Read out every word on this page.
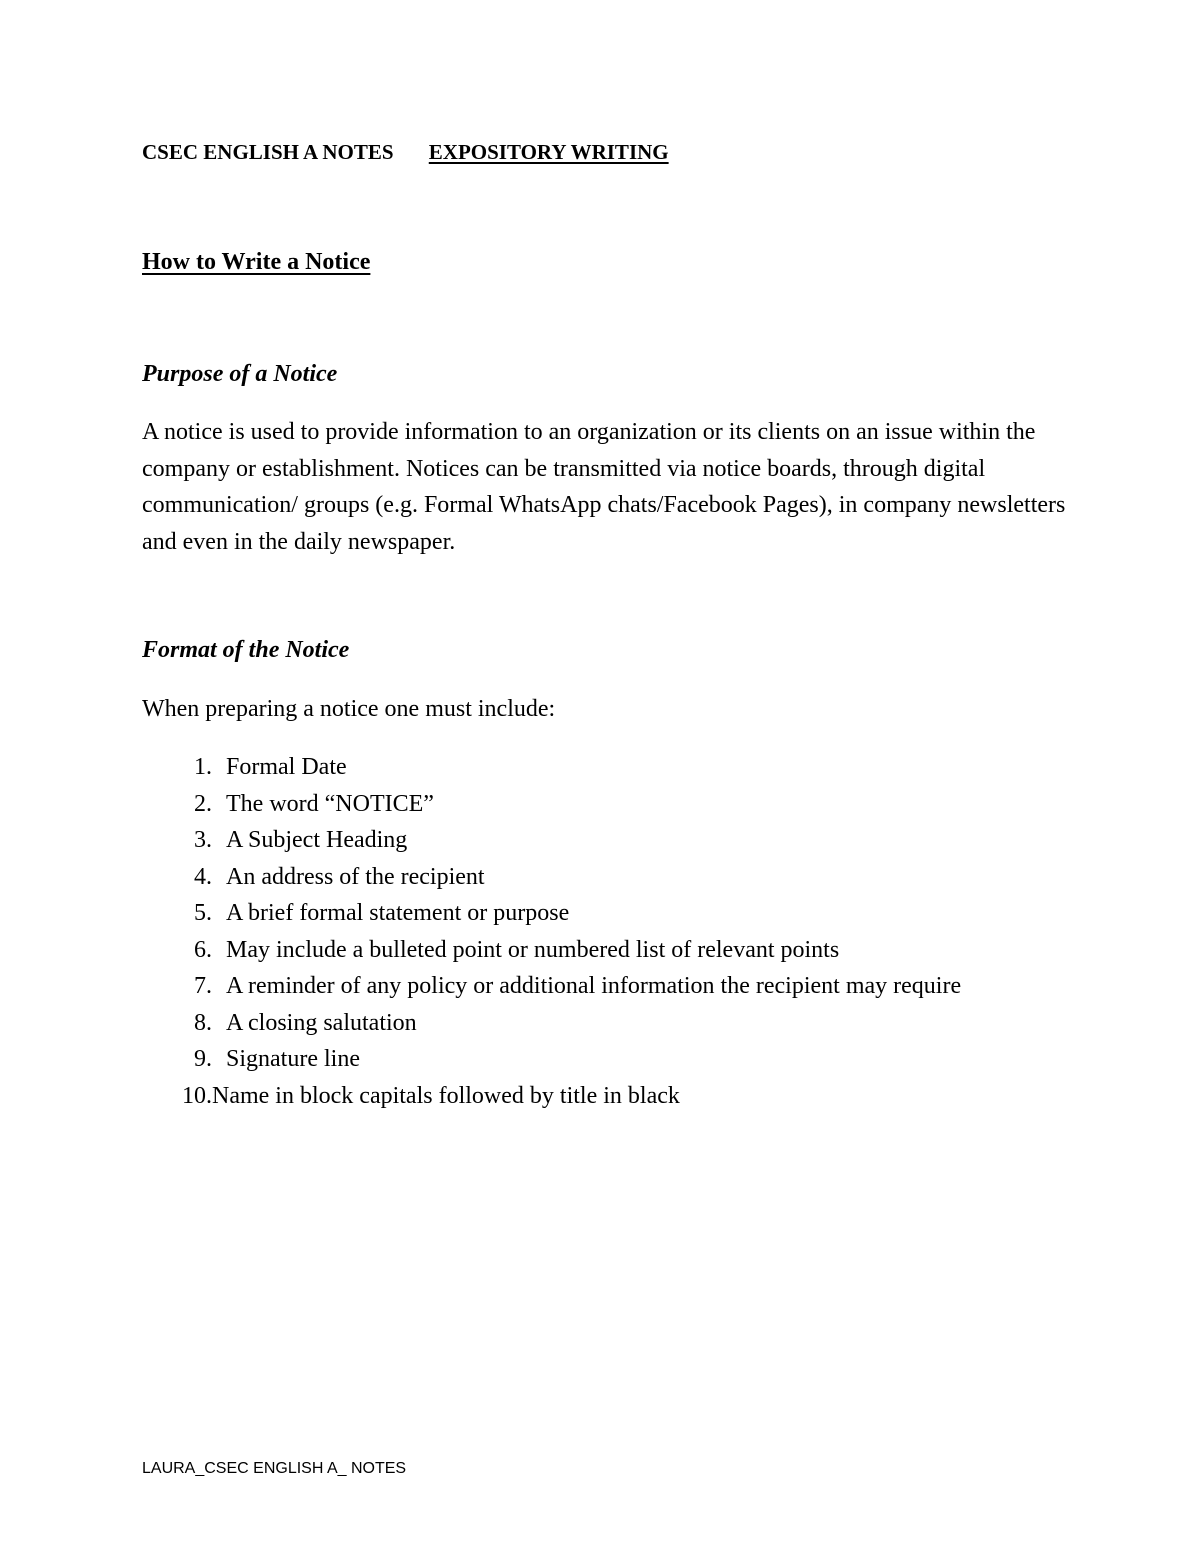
CSEC ENGLISH A NOTES EXPOSITORY WRITING
How to Write a Notice
Purpose of a Notice

A notice is used to provide information to an organization or its clients on an issue within the company or establishment. Notices can be transmitted via notice boards, through digital communication/ groups (e.g. Formal WhatsApp chats/Facebook Pages), in company newsletters and even in the daily newspaper.

Format of the Notice

When preparing a notice one must include:

1. Formal Date
2. The word “NOTICE”
3. A Subject Heading
4. An address of the recipient
5. A brief formal statement or purpose
6. May include a bulleted point or numbered list of relevant points
7. A reminder of any policy or additional information the recipient may require
8. A closing salutation
9. Signature line
10. Name in block capitals followed by title in black
LAURA_CSEC ENGLISH A_ NOTES
